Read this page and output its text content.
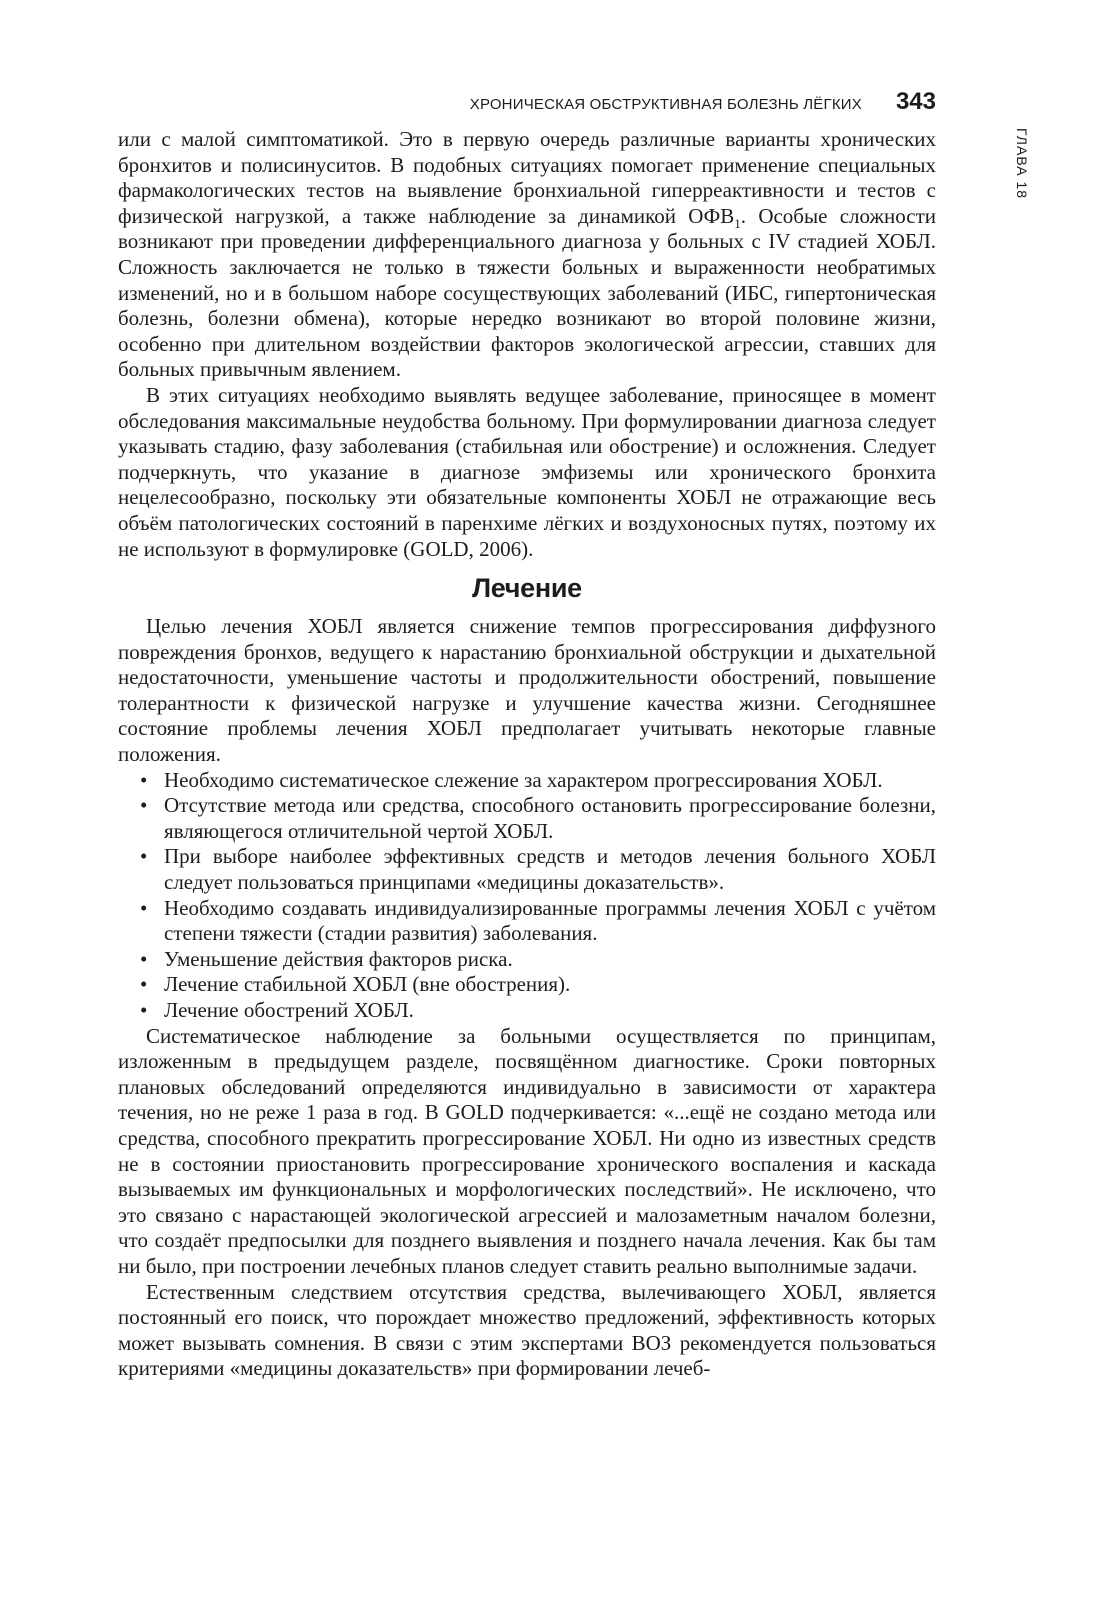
ХРОНИЧЕСКАЯ ОБСТРУКТИВНАЯ БОЛЕЗНЬ ЛЁГКИХ 343
ГЛАВА 18

или с малой симптоматикой. Это в первую очередь различные варианты хронических бронхитов и полисинуситов. В подобных ситуациях помогает применение специальных фармакологических тестов на выявление бронхиальной гиперреактивности и тестов с физической нагрузкой, а также наблюдение за динамикой $ОФВ_1$. Особые сложности возникают при проведении дифференциального диагноза у больных с IV стадией ХОБЛ. Сложность заключается не только в тяжести больных и выраженности необратимых изменений, но и в большом наборе сосуществующих заболеваний (ИБС, гипертоническая болезнь, болезни обмена), которые нередко возникают во второй половине жизни, особенно при длительном воздействии факторов экологической агрессии, ставших для больных привычным явлением.

В этих ситуациях необходимо выявлять ведущее заболевание, приносящее в момент обследования максимальные неудобства больному. При формулировании диагноза следует указывать стадию, фазу заболевания (стабильная или обострение) и осложнения. Следует подчеркнуть, что указание в диагнозе эмфиземы или хронического бронхита нецелесообразно, поскольку эти обязательные компоненты ХОБЛ не отражающие весь объём патологических состояний в паренхиме лёгких и воздухоносных путях, поэтому их не используют в формулировке (GOLD, 2006).

Лечение

Целью лечения ХОБЛ является снижение темпов прогрессирования диффузного повреждения бронхов, ведущего к нарастанию бронхиальной обструкции и дыхательной недостаточности, уменьшение частоты и продолжительности обострений, повышение толерантности к физической нагрузке и улучшение качества жизни. Сегодняшнее состояние проблемы лечения ХОБЛ предполагает учитывать некоторые главные положения.

• Необходимо систематическое слежение за характером прогрессирования ХОБЛ.
• Отсутствие метода или средства, способного остановить прогрессирование болезни, являющегося отличительной чертой ХОБЛ.
• При выборе наиболее эффективных средств и методов лечения больного ХОБЛ следует пользоваться принципами «медицины доказательств».
• Необходимо создавать индивидуализированные программы лечения ХОБЛ с учётом степени тяжести (стадии развития) заболевания.
• Уменьшение действия факторов риска.
• Лечение стабильной ХОБЛ (вне обострения).
• Лечение обострений ХОБЛ.

Систематическое наблюдение за больными осуществляется по принципам, изложенным в предыдущем разделе, посвящённом диагностике. Сроки повторных плановых обследований определяются индивидуально в зависимости от характера течения, но не реже 1 раза в год. В GOLD подчеркивается: «...ещё не создано метода или средства, способного прекратить прогрессирование ХОБЛ. Ни одно из известных средств не в состоянии приостановить прогрессирование хронического воспаления и каскада вызываемых им функциональных и морфологических последствий». Не исключено, что это связано с нарастающей экологической агрессией и малозаметным началом болезни, что создаёт предпосылки для позднего выявления и позднего начала лечения. Как бы там ни было, при построении лечебных планов следует ставить реально выполнимые задачи.

Естественным следствием отсутствия средства, вылечивающего ХОБЛ, является постоянный его поиск, что порождает множество предложений, эффективность которых может вызывать сомнения. В связи с этим экспертами ВОЗ рекомендуется пользоваться критериями «медицины доказательств» при формировании лечеб-
